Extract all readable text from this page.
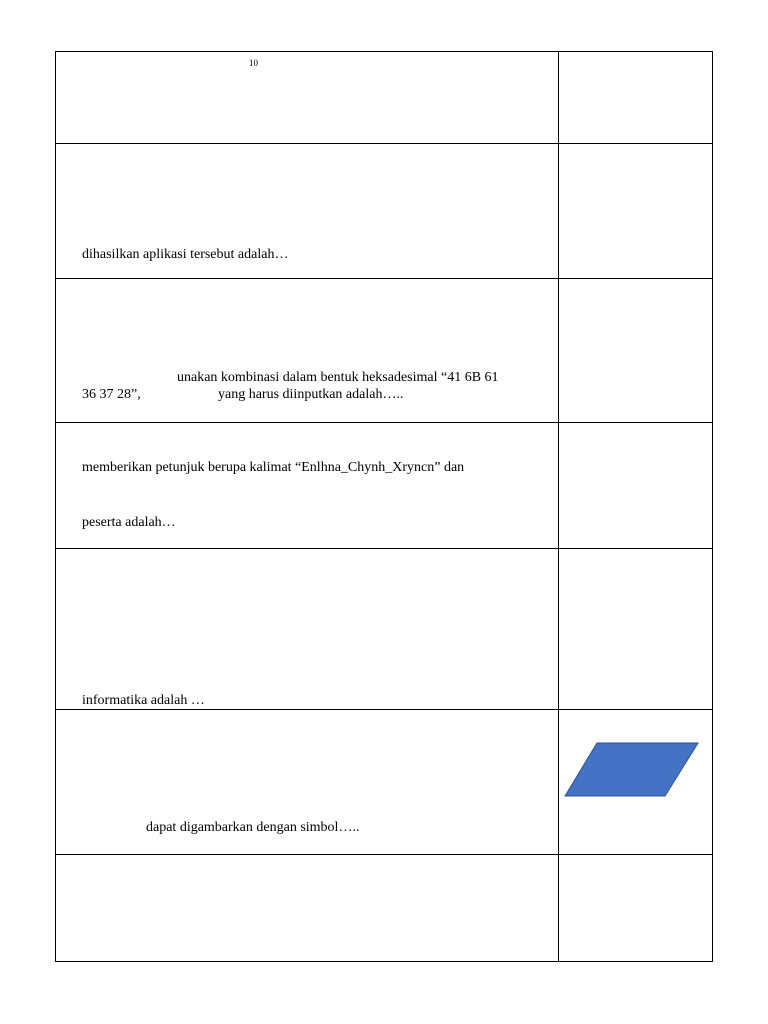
10
dihasilkan aplikasi tersebut adalah…
unakan kombinasi dalam bentuk heksadesimal “41 6B 61
36 37 28”,	yang harus diinputkan adalah…..
memberikan petunjuk berupa kalimat “Enlhna_Chynh_Xryncn” dan
peserta adalah…
informatika adalah …
dapat digambarkan dengan simbol…..
